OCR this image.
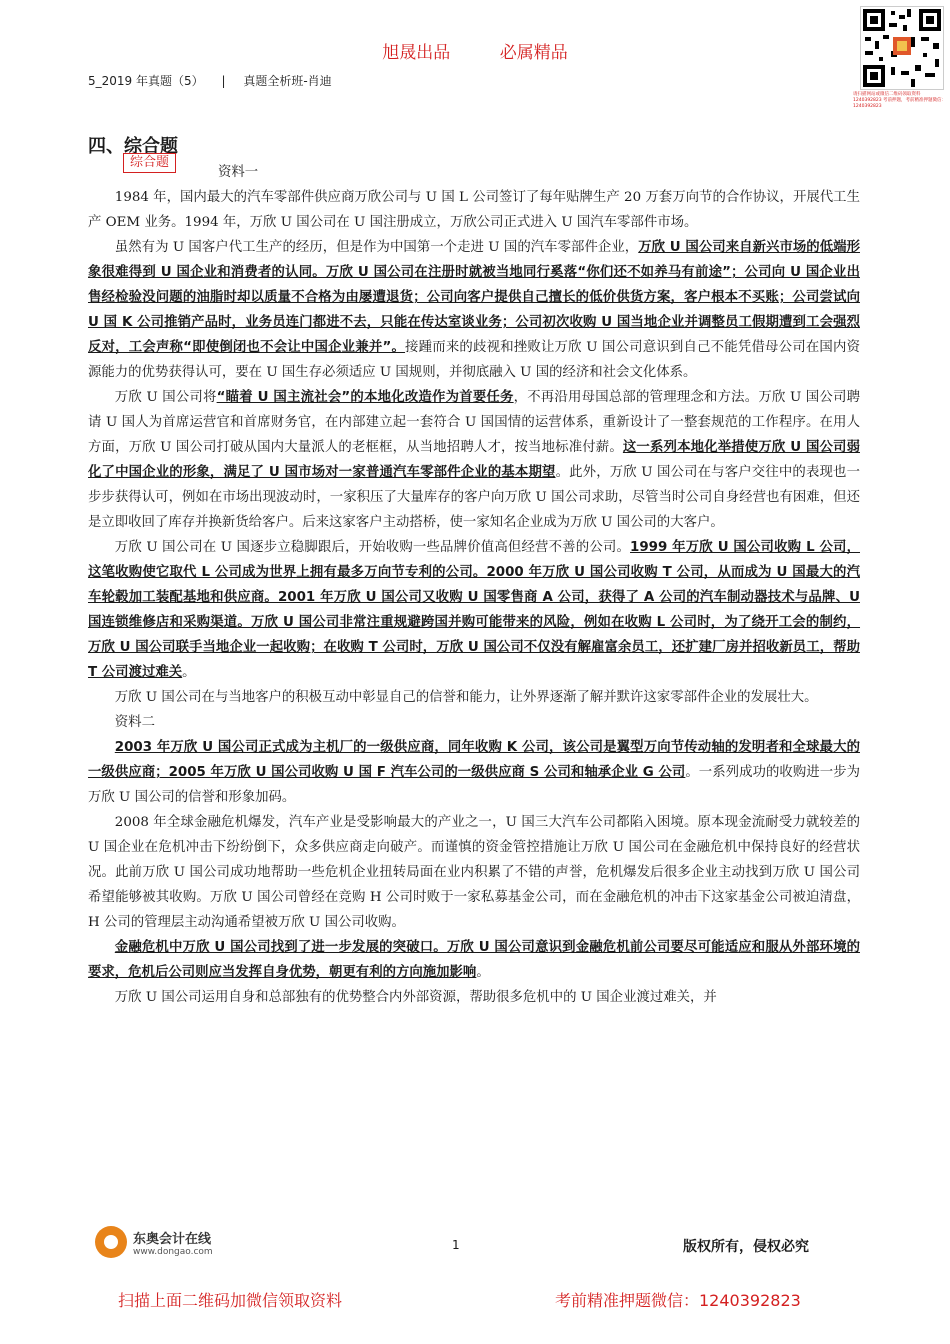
旭晟出品	必属精品
5_2019 年真题（5） | 真题全析班-肖迪
请扫描网站或微信二维码领取资料 1240392823 考前押题，考前精准押题微信：1240392823
四、综合题
综合题

资料一

1984 年，国内最大的汽车零部件供应商万欣公司与 U 国 L 公司签订了每年贴牌生产 20 万套万向节的合作协议，开展代工生产 OEM 业务。1994 年，万欣 U 国公司在 U 国注册成立，万欣公司正式进入 U 国汽车零部件市场。

虽然有为 U 国客户代工生产的经历，但是作为中国第一个走进 U 国的汽车零部件企业，万欣 U 国公司来自新兴市场的低端形象很难得到 U 国企业和消费者的认同。万欣 U 国公司在注册时就被当地同行奚落“你们还不如养马有前途”；公司向 U 国企业出售经检验没问题的油脂时却以质量不合格为由屡遭退货；公司向客户提供自己擅长的低价供货方案，客户根本不买账；公司尝试向 U 国 K 公司推销产品时，业务员连门都进不去，只能在传达室谈业务；公司初次收购 U 国当地企业并调整员工假期遭到工会强烈反对，工会声称“即使倒闭也不会让中国企业兼并”。接踵而来的歧视和挫败让万欣 U 国公司意识到自己不能凭借母公司在国内资源能力的优势获得认可，要在 U 国生存必须适应 U 国规则，并彻底融入 U 国的经济和社会文化体系。

万欣 U 国公司将“瞄着 U 国主流社会”的本地化改造作为首要任务，不再沿用母国总部的管理理念和方法。万欣 U 国公司聘请 U 国人为首席运营官和首席财务官，在内部建立起一套符合 U 国国情的运营体系，重新设计了一整套规范的工作程序。在用人方面，万欣 U 国公司打破从国内大量派人的老框框，从当地招聘人才，按当地标准付薪。这一系列本地化举措使万欣 U 国公司弱化了中国企业的形象，满足了 U 国市场对一家普通汽车零部件企业的基本期望。此外，万欣 U 国公司在与客户交往中的表现也一步步获得认可，例如在市场出现波动时，一家积压了大量库存的客户向万欣 U 国公司求助，尽管当时公司自身经营也有困难，但还是立即收回了库存并换新货给客户。后来这家客户主动搭桥，使一家知名企业成为万欣 U 国公司的大客户。

万欣 U 国公司在 U 国逐步立稳脚跟后，开始收购一些品牌价值高但经营不善的公司。1999 年万欣 U 国公司收购 L 公司，这笔收购使它取代 L 公司成为世界上拥有最多万向节专利的公司。2000 年万欣 U 国公司收购 T 公司，从而成为 U 国最大的汽车轮毂加工装配基地和供应商。2001 年万欣 U 国公司又收购 U 国零售商 A 公司，获得了 A 公司的汽车制动器技术与品牌、U 国连锁维修店和采购渠道。万欣 U 国公司非常注重规避跨国并购可能带来的风险，例如在收购 L 公司时，为了绕开工会的制约，万欣 U 国公司联手当地企业一起收购；在收购 T 公司时，万欣 U 国公司不仅没有解雇富余员工，还扩建厂房并招收新员工，帮助 T 公司渡过难关。

万欣 U 国公司在与当地客户的积极互动中彰显自己的信誉和能力，让外界逐渐了解并默许这家零部件企业的发展壮大。

资料二

2003 年万欣 U 国公司正式成为主机厂的一级供应商，同年收购 K 公司，该公司是翼型万向节传动轴的发明者和全球最大的一级供应商；2005 年万欣 U 国公司收购 U 国 F 汽车公司的一级供应商 S 公司和轴承企业 G 公司。一系列成功的收购进一步为万欣 U 国公司的信誉和形象加码。

2008 年全球金融危机爆发，汽车产业是受影响最大的产业之一，U 国三大汽车公司都陷入困境。原本现金流耐受力就较差的 U 国企业在危机冲击下纷纷倒下，众多供应商走向破产。而谨慎的资金管控措施让万欣 U 国公司在金融危机中保持良好的经营状况。此前万欣 U 国公司成功地帮助一些危机企业扭转局面在业内积累了不错的声誉，危机爆发后很多企业主动找到万欣 U 国公司希望能够被其收购。万欣 U 国公司曾经在竞购 H 公司时败于一家私募基金公司，而在金融危机的冲击下这家基金公司被迫清盘，H 公司的管理层主动沟通希望被万欣 U 国公司收购。

金融危机中万欣 U 国公司找到了进一步发展的突破口。万欣 U 国公司意识到金融危机前公司要尽可能适应和服从外部环境的要求，危机后公司则应当发挥自身优势，朝更有利的方向施加影响。

万欣 U 国公司运用自身和总部独有的优势整合内外部资源，帮助很多危机中的 U 国企业渡过难关，并

东奥会计在线
www.dongao.com	1	版权所有，侵权必究
扫描上面二维码加微信领取资料	考前精准押题微信：1240392823
